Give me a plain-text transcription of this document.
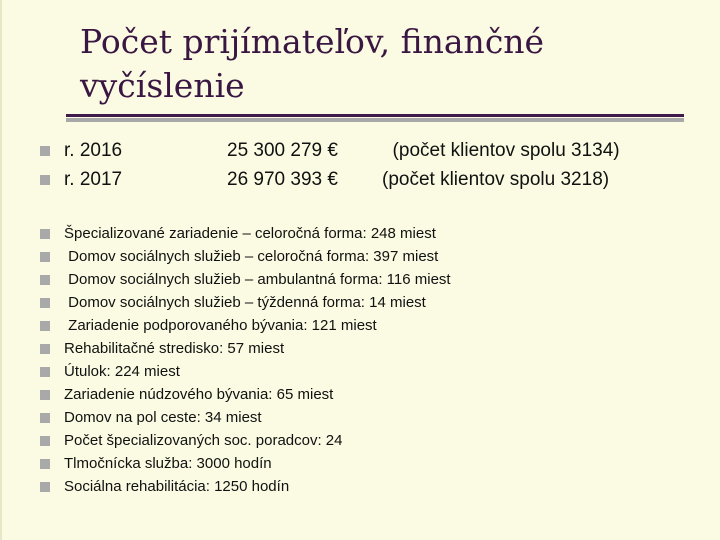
Počet prijímateľov, finančné vyčíslenie
r. 2016	25 300 279 € (počet klientov spolu 3134)
r. 2017	26 970 393 € (počet klientov spolu 3218)
Špecializované zariadenie – celoročná forma: 248 miest
Domov sociálnych služieb – celoročná forma: 397 miest
Domov sociálnych služieb – ambulantná forma: 116 miest
Domov sociálnych služieb – týždenná forma: 14 miest
Zariadenie podporovaného bývania: 121 miest
Rehabilitačné stredisko: 57 miest
Útulok: 224 miest
Zariadenie núdzového bývania: 65 miest
Domov na pol ceste: 34 miest
Počet špecializovaných soc. poradcov: 24
Tlmočnícka služba: 3000 hodín
Sociálna rehabilitácia: 1250 hodín
